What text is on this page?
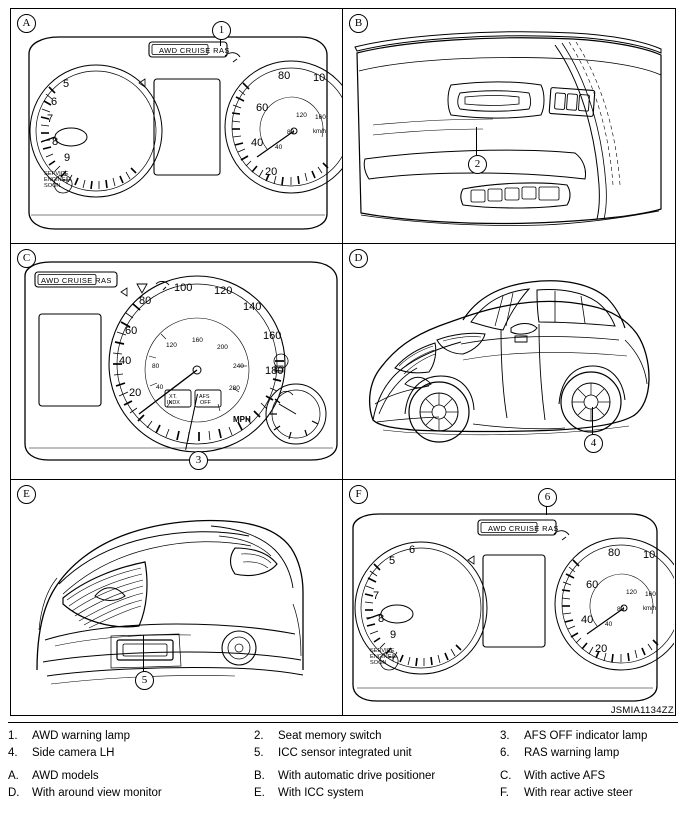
A
1
5
6
7
8
9
80 10
60
40
20
120 160
80
40
km/h
AWD CRUISE RAS
SERVICE
ENGINE
SOON
B
2
C
3
80
100 120
140
160
180
60
40
20
120
160
200
240
280
80
40
XT.
INDX
AFS
OFF
MPH
AWD CRUISE RAS
D
4
E
5
F	6
5
6
7
8
9
80 10
60
40
20
120 160
80
40
km/h
AWD CRUISE RAS
SERVICE
ENGINE
SOON
JSMIA1134ZZ
1.	AWD warning lamp	2.	Seat memory switch	3.	AFS OFF indicator lamp
4.	Side camera LH	5.	ICC sensor integrated unit	6.	RAS warning lamp
A.	AWD models	B.	With automatic drive positioner	C.	With active AFS
D.	With around view monitor	E.	With ICC system	F.	With rear active steer
